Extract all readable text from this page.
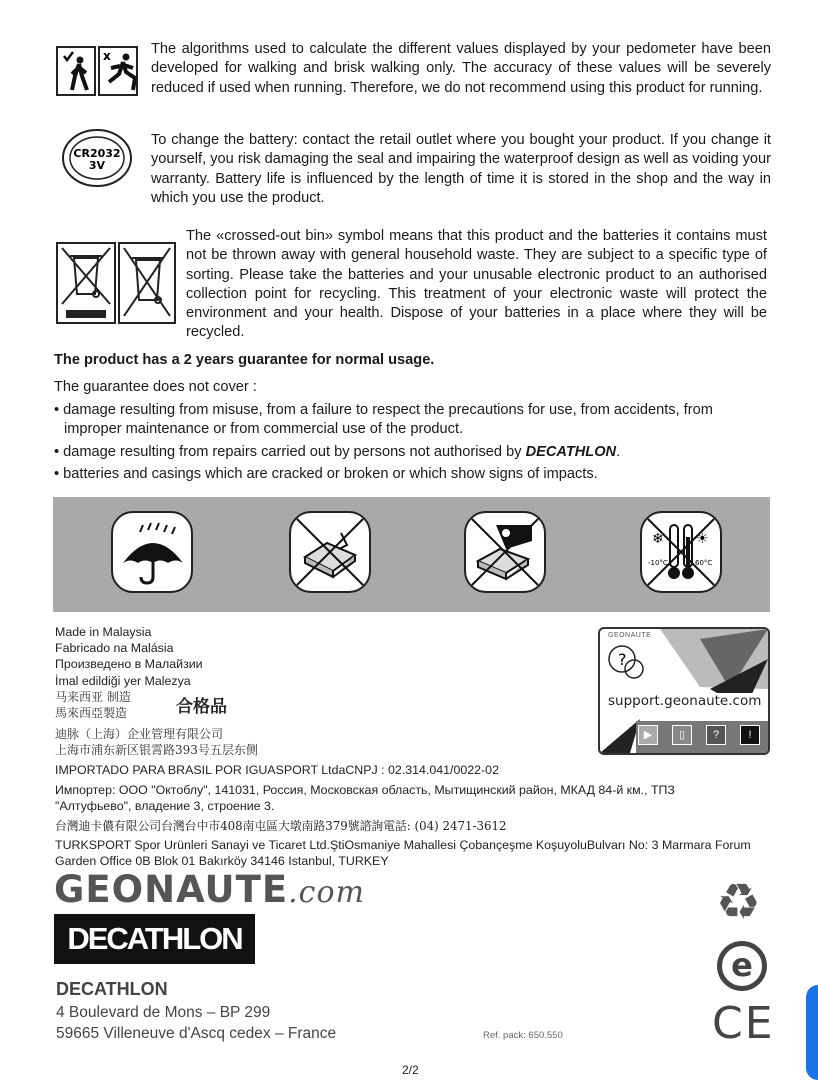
x	The algorithms used to calculate the different values displayed by your pedometer have been developed for walking and brisk walking only. The accuracy of these values will be severely reduced if used when running. Therefore, we do not recommend using this product for running.

CR2032
3V

To change the battery: contact the retail outlet where you bought your product. If you change it yourself, you risk damaging the seal and impairing the waterproof design as well as voiding your warranty. Battery life is influenced by the length of time it is stored in the shop and the way in which you use the product.

The «crossed-out bin» symbol means that this product and the batteries it contains must not be thrown away with general household waste. They are subject to a specific type of sorting. Please take the batteries and your unusable electronic product to an authorised collection point for recycling. This treatment of your electronic waste will protect the environment and your health. Dispose of your batteries in a place where they will be recycled.

The product has a 2 years guarantee for normal usage.

The guarantee does not cover :

• damage resulting from misuse, from a failure to respect the precautions for use, from accidents, from improper maintenance or from commercial use of the product.
• damage resulting from repairs carried out by persons not authorised by DECATHLON.
• batteries and casings which are cracked or broken or which show signs of impacts.
❄ ☀
-10°C	60°C
Made in Malaysia
Fabricado na Malásia
Произведено в Малайзии
İmal edildiği yer Malezya
马来西亚 制造
馬來西亞製造	合格品
迪脉（上海）企业管理有限公司
上海市浦东新区银霄路393号五层东侧
?
GEONAUTE
support.geonaute.com
▶	▯	?	!

IMPORTADO PARA BRASIL POR IGUASPORT LtdaCNPJ : 02.314.041/0022-02

Импортер: ООО "Октоблу", 141031, Россия, Московская область, Мытищинский район, МКАД 84-й км., ТПЗ "Алтуфьево", владение 3, строение 3.

台灣迪卡儂有限公司台灣台中市408南屯區大墩南路379號諮詢電話: (04) 2471-3612

TURKSPORT Spor Urünleri Sanayi ve Ticaret Ltd.ŞtiOsmaniye Mahallesi Çobançeşme KoşuyoluBulvarı No: 3 Marmara Forum Garden Office 0B Blok 01 Bakırköy 34146 Istanbul, TURKEY

GEONAUTE.com
DECATHLON
DECATHLON
4 Boulevard de Mons – BP 299
59665 Villeneuve d'Ascq cedex – France	Ref. pack: 650.550
♻
e
CE
2/2
